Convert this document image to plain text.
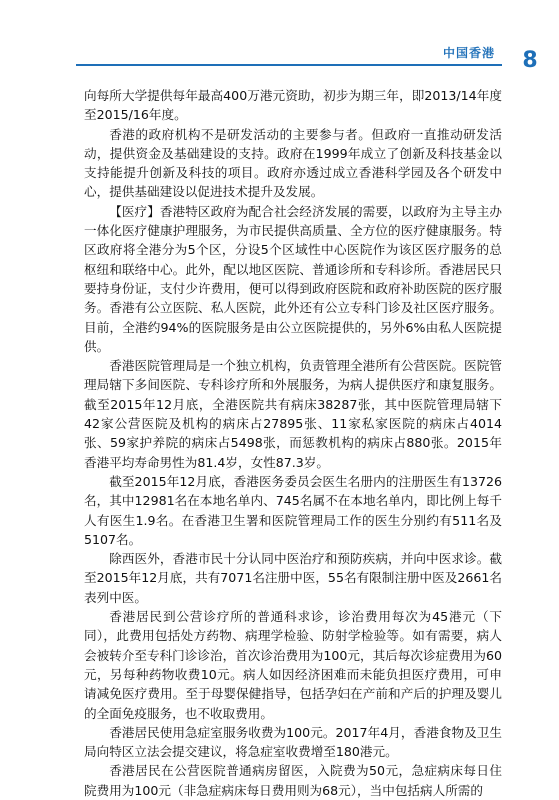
中国香港	8

向每所大学提供每年最高400万港元资助，初步为期三年，即2013/14年度至2015/16年度。

香港的政府机构不是研发活动的主要参与者。但政府一直推动研发活动，提供资金及基础建设的支持。政府在1999年成立了创新及科技基金以支持能提升创新及科技的项目。政府亦透过成立香港科学园及各个研发中心，提供基础建设以促进技术提升及发展。

【医疗】香港特区政府为配合社会经济发展的需要，以政府为主导主办一体化医疗健康护理服务，为市民提供高质量、全方位的医疗健康服务。特区政府将全港分为5个区，分设5个区域性中心医院作为该区医疗服务的总枢纽和联络中心。此外，配以地区医院、普通诊所和专科诊所。香港居民只要持身份证，支付少许费用，便可以得到政府医院和政府补助医院的医疗服务。香港有公立医院、私人医院，此外还有公立专科门诊及社区医疗服务。目前，全港约94%的医院服务是由公立医院提供的，另外6%由私人医院提供。

香港医院管理局是一个独立机构，负责管理全港所有公营医院。医院管理局辖下多间医院、专科诊疗所和外展服务，为病人提供医疗和康复服务。截至2015年12月底，全港医院共有病床38287张，其中医院管理局辖下42家公营医院及机构的病床占27895张、11家私家医院的病床占4014张、59家护养院的病床占5498张，而惩教机构的病床占880张。2015年香港平均寿命男性为81.4岁，女性87.3岁。

截至2015年12月底，香港医务委员会医生名册内的注册医生有13726名，其中12981名在本地名单内、745名属不在本地名单内，即比例上每千人有医生1.9名。在香港卫生署和医院管理局工作的医生分别约有511名及5107名。

除西医外，香港市民十分认同中医治疗和预防疾病，并向中医求诊。截至2015年12月底，共有7071名注册中医，55名有限制注册中医及2661名表列中医。

香港居民到公营诊疗所的普通科求诊，诊治费用每次为45港元（下同），此费用包括处方药物、病理学检验、防射学检验等。如有需要，病人会被转介至专科门诊诊治，首次诊治费用为100元，其后每次诊症费用为60元，另每种药物收费10元。病人如因经济困难而未能负担医疗费用，可申请减免医疗费用。至于母婴保健指导，包括孕妇在产前和产后的护理及婴儿的全面免疫服务，也不收取费用。

香港居民使用急症室服务收费为100元。2017年4月，香港食物及卫生局向特区立法会提交建议，将急症室收费增至180港元。

香港居民在公营医院普通病房留医，入院费为50元，急症病床每日住院费用为100元（非急症病床每日费用则为68元），当中包括病人所需的
